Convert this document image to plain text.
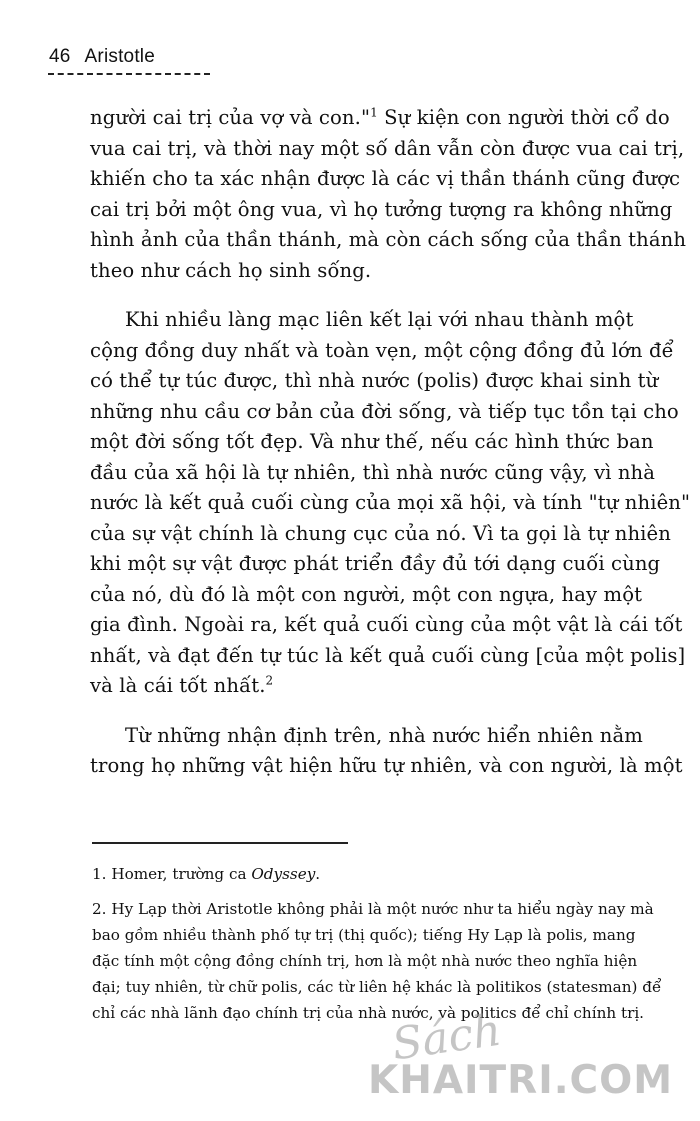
46 Aristotle

người cai trị của vợ và con."$^1$ Sự kiện con người thời cổ do
vua cai trị, và thời nay một số dân vẫn còn được vua cai trị,
khiến cho ta xác nhận được là các vị thần thánh cũng được
cai trị bởi một ông vua, vì họ tưởng tượng ra không những
hình ảnh của thần thánh, mà còn cách sống của thần thánh
theo như cách họ sinh sống.

Khi nhiều làng mạc liên kết lại với nhau thành một
cộng đồng duy nhất và toàn vẹn, một cộng đồng đủ lớn để
có thể tự túc được, thì nhà nước (polis) được khai sinh từ
những nhu cầu cơ bản của đời sống, và tiếp tục tồn tại cho
một đời sống tốt đẹp. Và như thế, nếu các hình thức ban
đầu của xã hội là tự nhiên, thì nhà nước cũng vậy, vì nhà
nước là kết quả cuối cùng của mọi xã hội, và tính "tự nhiên"
của sự vật chính là chung cục của nó. Vì ta gọi là tự nhiên
khi một sự vật được phát triển đầy đủ tới dạng cuối cùng
của nó, dù đó là một con người, một con ngựa, hay một
gia đình. Ngoài ra, kết quả cuối cùng của một vật là cái tốt
nhất, và đạt đến tự túc là kết quả cuối cùng [của một polis]
và là cái tốt nhất.$^2$

Từ những nhận định trên, nhà nước hiển nhiên nằm
trong họ những vật hiện hữu tự nhiên, và con người, là một

1. Homer, trường ca Odyssey.
2. Hy Lạp thời Aristotle không phải là một nước như ta hiểu ngày nay mà
bao gồm nhiều thành phố tự trị (thị quốc); tiếng Hy Lạp là polis, mang
đặc tính một cộng đồng chính trị, hơn là một nhà nước theo nghĩa hiện
đại; tuy nhiên, từ chữ polis, các từ liên hệ khác là politikos (statesman) để
chỉ các nhà lãnh đạo chính trị của nhà nước, và politics để chỉ chính trị.
Sách
KHAITRI.COM
